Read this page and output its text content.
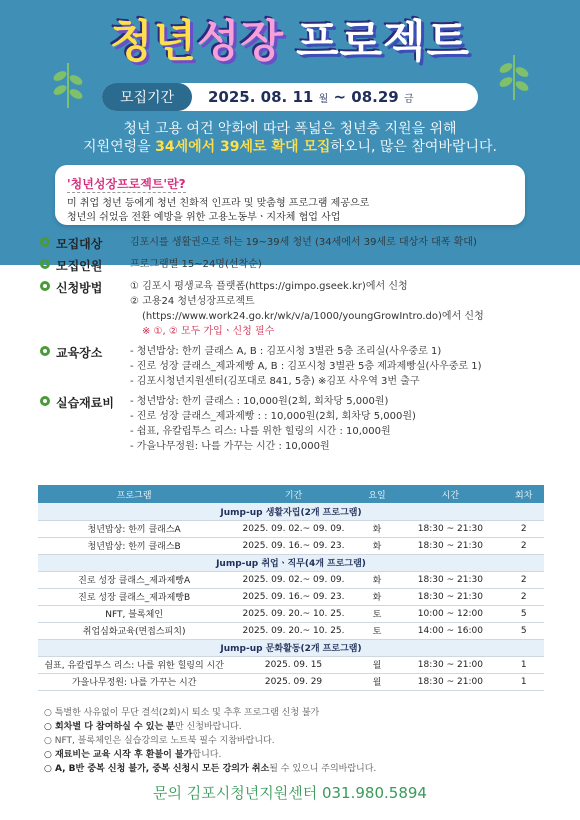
청년성장 프로젝트
모집기간	2025. 08. 11 월 ~ 08.29 금
청년 고용 여건 악화에 따라 폭넓은 청년층 지원을 위해
지원연령을 34세에서 39세로 확대 모집하오니, 많은 참여바랍니다.
'청년성장프로젝트'란?
미 취업 청년 등에게 청년 친화적 인프라 및 맞춤형 프로그램 제공으로
청년의 쉬었음 전환 예방을 위한 고용노동부ㆍ지자체 협업 사업
모집대상	김포시를 생활권으로 하는 19~39세 청년 (34세에서 39세로 대상자 대폭 확대)
모집인원	프로그램별 15~24명(선착순)
신청방법	① 김포시 평생교육 플랫폼(https://gimpo.gseek.kr)에서 신청
② 고용24 청년성장프로젝트
(https://www.work24.go.kr/wk/v/a/1000/youngGrowIntro.do)에서 신청
※ ①, ② 모두 가입ㆍ신청 필수
교육장소	- 청년밥상: 한끼 클래스 A, B : 김포시청 3별관 5층 조리실(사우중로 1)
- 진로 성장 클래스_제과제빵 A, B : 김포시청 3별관 5층 제과제빵실(사우중로 1)
- 김포시청년지원센터(김포대로 841, 5층) ※김포 사우역 3번 출구
실습재료비 - 청년밥상: 한끼 클래스 : 10,000원(2회, 회차당 5,000원)
- 진로 성장 클래스_제과제빵 : : 10,000원(2회, 회차당 5,000원)
- 쉼표, 유칼립투스 리스: 나를 위한 힐링의 시간 : 10,000원
- 가을나무정원: 나를 가꾸는 시간 : 10,000원
프로그램	기간	요일	시간	회차
Jump-up 생활자립(2개 프로그램)				
청년밥상: 한끼 클래스A	2025. 09. 02.~ 09. 09.	화	18:30 ~ 21:30	2
청년밥상: 한끼 클래스B	2025. 09. 16.~ 09. 23.	화	18:30 ~ 21:30	2
Jump-up 취업ㆍ직무(4개 프로그램)				
진로 성장 클래스_제과제빵A	2025. 09. 02.~ 09. 09.	화	18:30 ~ 21:30	2
진로 성장 클래스_제과제빵B	2025. 09. 16.~ 09. 23.	화	18:30 ~ 21:30	2
NFT, 블록체인	2025. 09. 20.~ 10. 25.	토	10:00 ~ 12:00	5
취업심화교육(면접스피치)	2025. 09. 20.~ 10. 25.	토	14:00 ~ 16:00	5
Jump-up 문화활동(2개 프로그램)				
쉼표, 유칼립투스 리스: 나를 위한 힐링의 시간	2025. 09. 15	월	18:30 ~ 21:00	1
가을나무정원: 나를 가꾸는 시간	2025. 09. 29	월	18:30 ~ 21:00	1
○ 특별한 사유없이 무단 결석(2회)시 퇴소 및 추후 프로그램 신청 불가
○ 회차별 다 참여하실 수 있는 분만 신청바랍니다.
○ NFT, 블록체인은 실습강의로 노트북 필수 지참바랍니다.
○ 재료비는 교육 시작 후 환불이 불가합니다.
○ A, B반 중복 신청 불가, 중복 신청시 모든 강의가 취소될 수 있으니 주의바랍니다.
문의 김포시청년지원센터 031.980.5894
